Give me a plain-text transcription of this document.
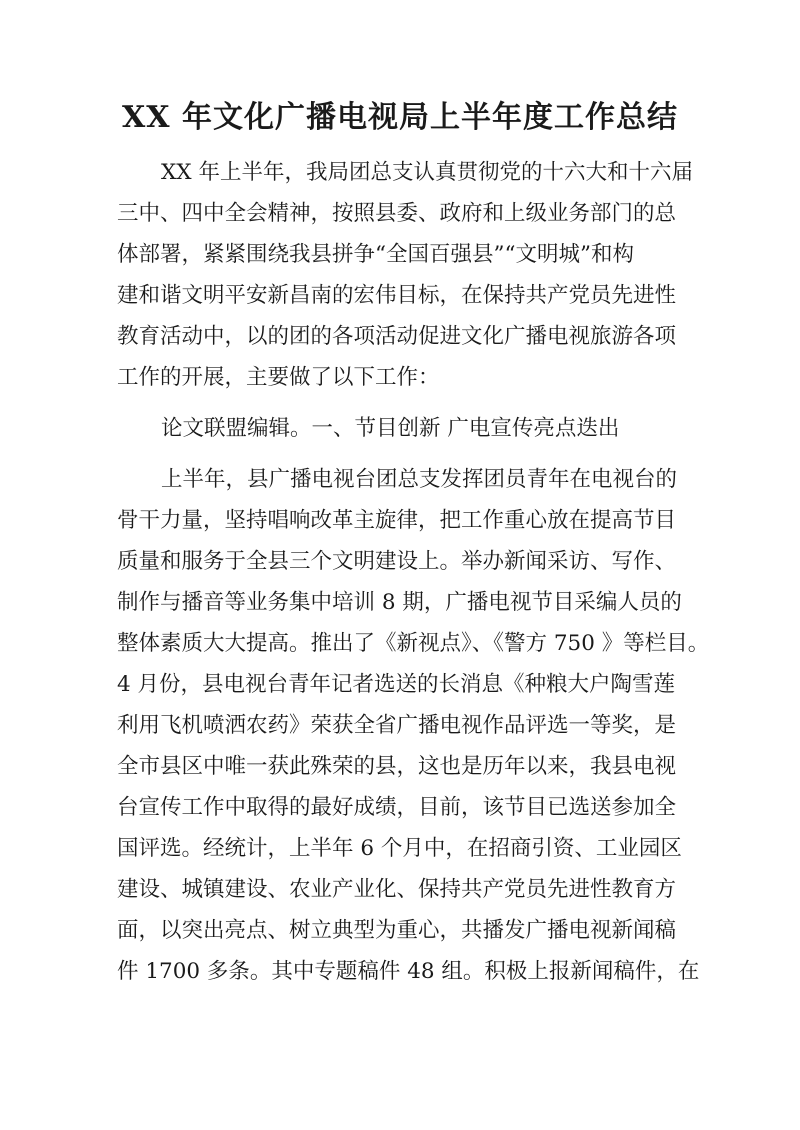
XX 年文化广播电视局上半年度工作总结
XX 年上半年，我局团总支认真贯彻党的十六大和十六届
三中、四中全会精神，按照县委、政府和上级业务部门的总
体部署，紧紧围绕我县拼争“全国百强县”“文明城”和构
建和谐文明平安新昌南的宏伟目标，在保持共产党员先进性
教育活动中，以的团的各项活动促进文化广播电视旅游各项
工作的开展，主要做了以下工作：
论文联盟编辑。一、节目创新 广电宣传亮点迭出
上半年，县广播电视台团总支发挥团员青年在电视台的
骨干力量，坚持唱响改革主旋律，把工作重心放在提高节目
质量和服务于全县三个文明建设上。举办新闻采访、写作、
制作与播音等业务集中培训 8 期，广播电视节目采编人员的
整体素质大大提高。推出了《新视点》、《警方 750 》等栏目。
4 月份，县电视台青年记者选送的长消息《种粮大户陶雪莲
利用飞机喷洒农药》荣获全省广播电视作品评选一等奖，是
全市县区中唯一获此殊荣的县，这也是历年以来，我县电视
台宣传工作中取得的最好成绩，目前，该节目已选送参加全
国评选。经统计，上半年 6 个月中，在招商引资、工业园区
建设、城镇建设、农业产业化、保持共产党员先进性教育方
面，以突出亮点、树立典型为重心，共播发广播电视新闻稿
件 1700 多条。其中专题稿件 48 组。积极上报新闻稿件，在
